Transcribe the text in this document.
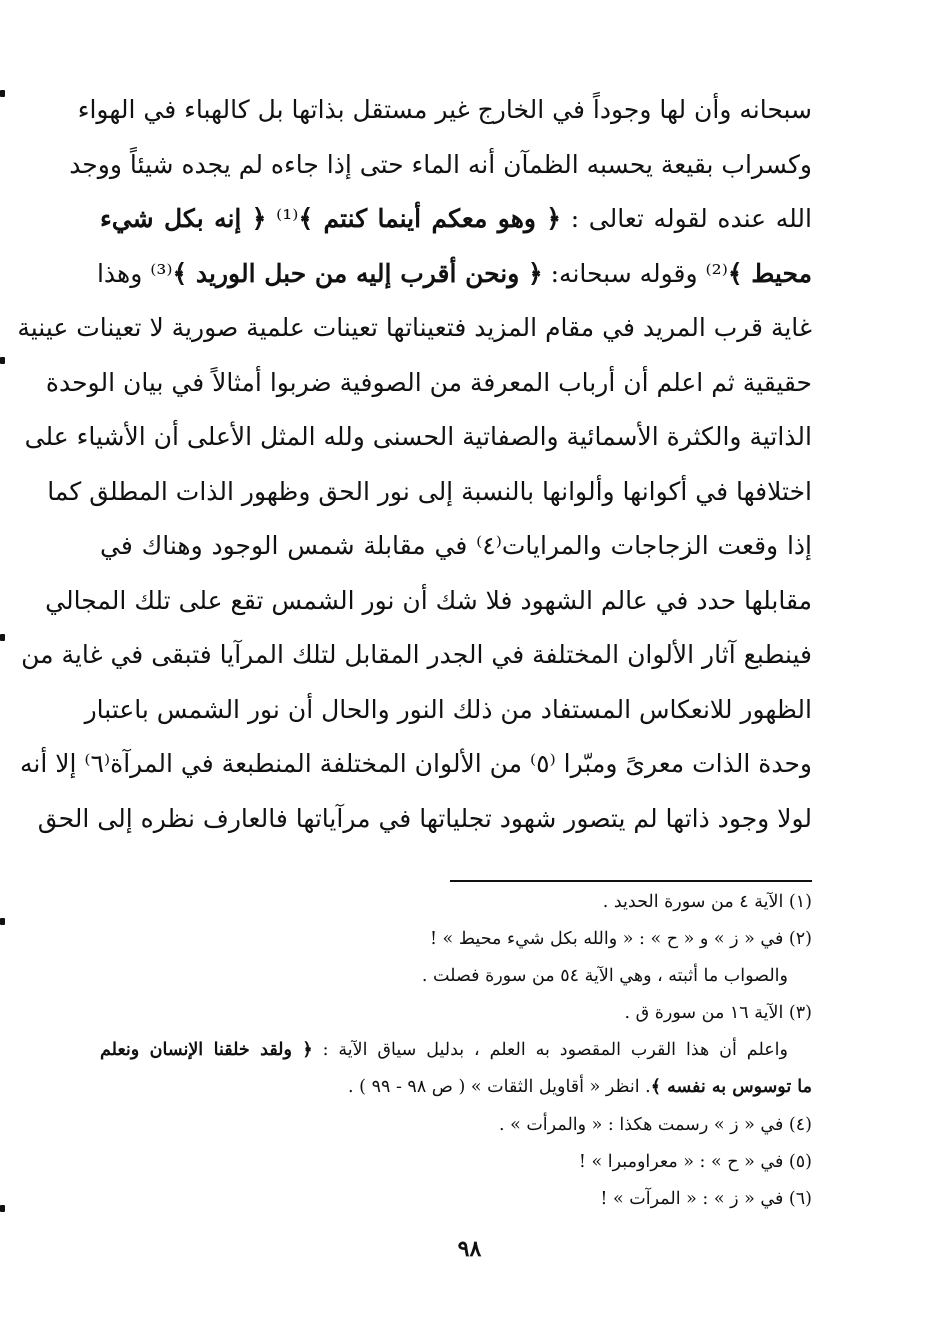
سبحانه وأن لها وجوداً في الخارج غير مستقل بذاتها بل كالهباء في الهواء
وكسراب بقيعة يحسبه الظمآن أنه الماء حتى إذا جاءه لم يجده شيئاً ووجد
الله عنده لقوله تعالى : ﴿ وهو معكم أينما كنتم ﴾⁽¹⁾ ﴿ إنه بكل شيء
محيط ﴾⁽²⁾ وقوله سبحانه: ﴿ ونحن أقرب إليه من حبل الوريد ﴾⁽³⁾ وهذا
غاية قرب المريد في مقام المزيد فتعيناتها تعينات علمية صورية لا تعينات عينية
حقيقية ثم اعلم أن أرباب المعرفة من الصوفية ضربوا أمثالاً في بيان الوحدة
الذاتية والكثرة الأسمائية والصفاتية الحسنى ولله المثل الأعلى أن الأشياء على
اختلافها في أكوانها وألوانها بالنسبة إلى نور الحق وظهور الذات المطلق كما
إذا وقعت الزجاجات والمرايات⁽٤⁾ في مقابلة شمس الوجود وهناك في
مقابلها حدد في عالم الشهود فلا شك أن نور الشمس تقع على تلك المجالي
فينطبع آثار الألوان المختلفة في الجدر المقابل لتلك المرآيا فتبقى في غاية من
الظهور للانعكاس المستفاد من ذلك النور والحال أن نور الشمس باعتبار
وحدة الذات معرىً ومبّرا ⁽٥⁾ من الألوان المختلفة المنطبعة في المرآة⁽٦⁾ إلا أنه
لولا وجود ذاتها لم يتصور شهود تجلياتها في مرآياتها فالعارف نظره إلى الحق
(١) الآية ٤ من سورة الحديد .
(٢) في « ز » و « ح » : « والله بكل شيء محيط » !
والصواب ما أثبته ، وهي الآية ٥٤ من سورة فصلت .
(٣) الآية ١٦ من سورة ق .
واعلم أن هذا القرب المقصود به العلم ، بدليل سياق الآية : ﴿ ولقد خلقنا الإنسان ونعلم
ما توسوس به نفسه ﴾. انظر « أقاويل الثقات » ( ص ٩٨ - ٩٩ ) .
(٤) في « ز » رسمت هكذا : « والمرأت » .
(٥) في « ح » : « معراومبرا » !
(٦) في « ز » : « المرآت » !
٩٨
